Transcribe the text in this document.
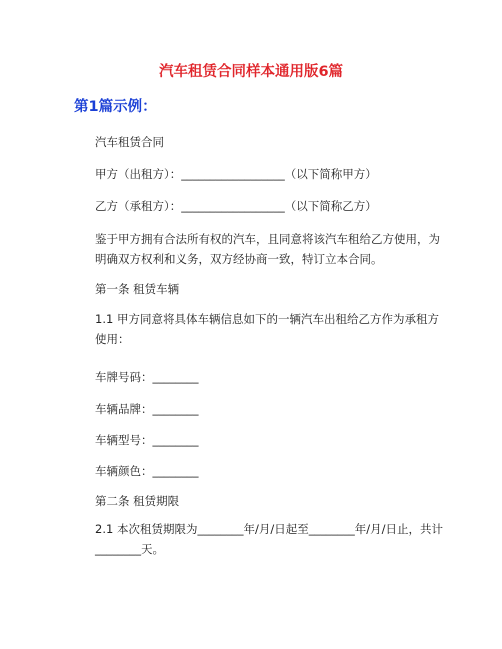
汽车租赁合同样本通用版6篇
第1篇示例：
汽车租赁合同
甲方（出租方）：__________________（以下简称甲方）
乙方（承租方）：__________________（以下简称乙方）
鉴于甲方拥有合法所有权的汽车，且同意将该汽车租给乙方使用，为明确双方权利和义务，双方经协商一致，特订立本合同。
第一条 租赁车辆
1.1 甲方同意将具体车辆信息如下的一辆汽车出租给乙方作为承租方使用：
车牌号码：________
车辆品牌：________
车辆型号：________
车辆颜色：________
第二条 租赁期限
2.1 本次租赁期限为________年/月/日起至________年/月/日止，共计________天。
